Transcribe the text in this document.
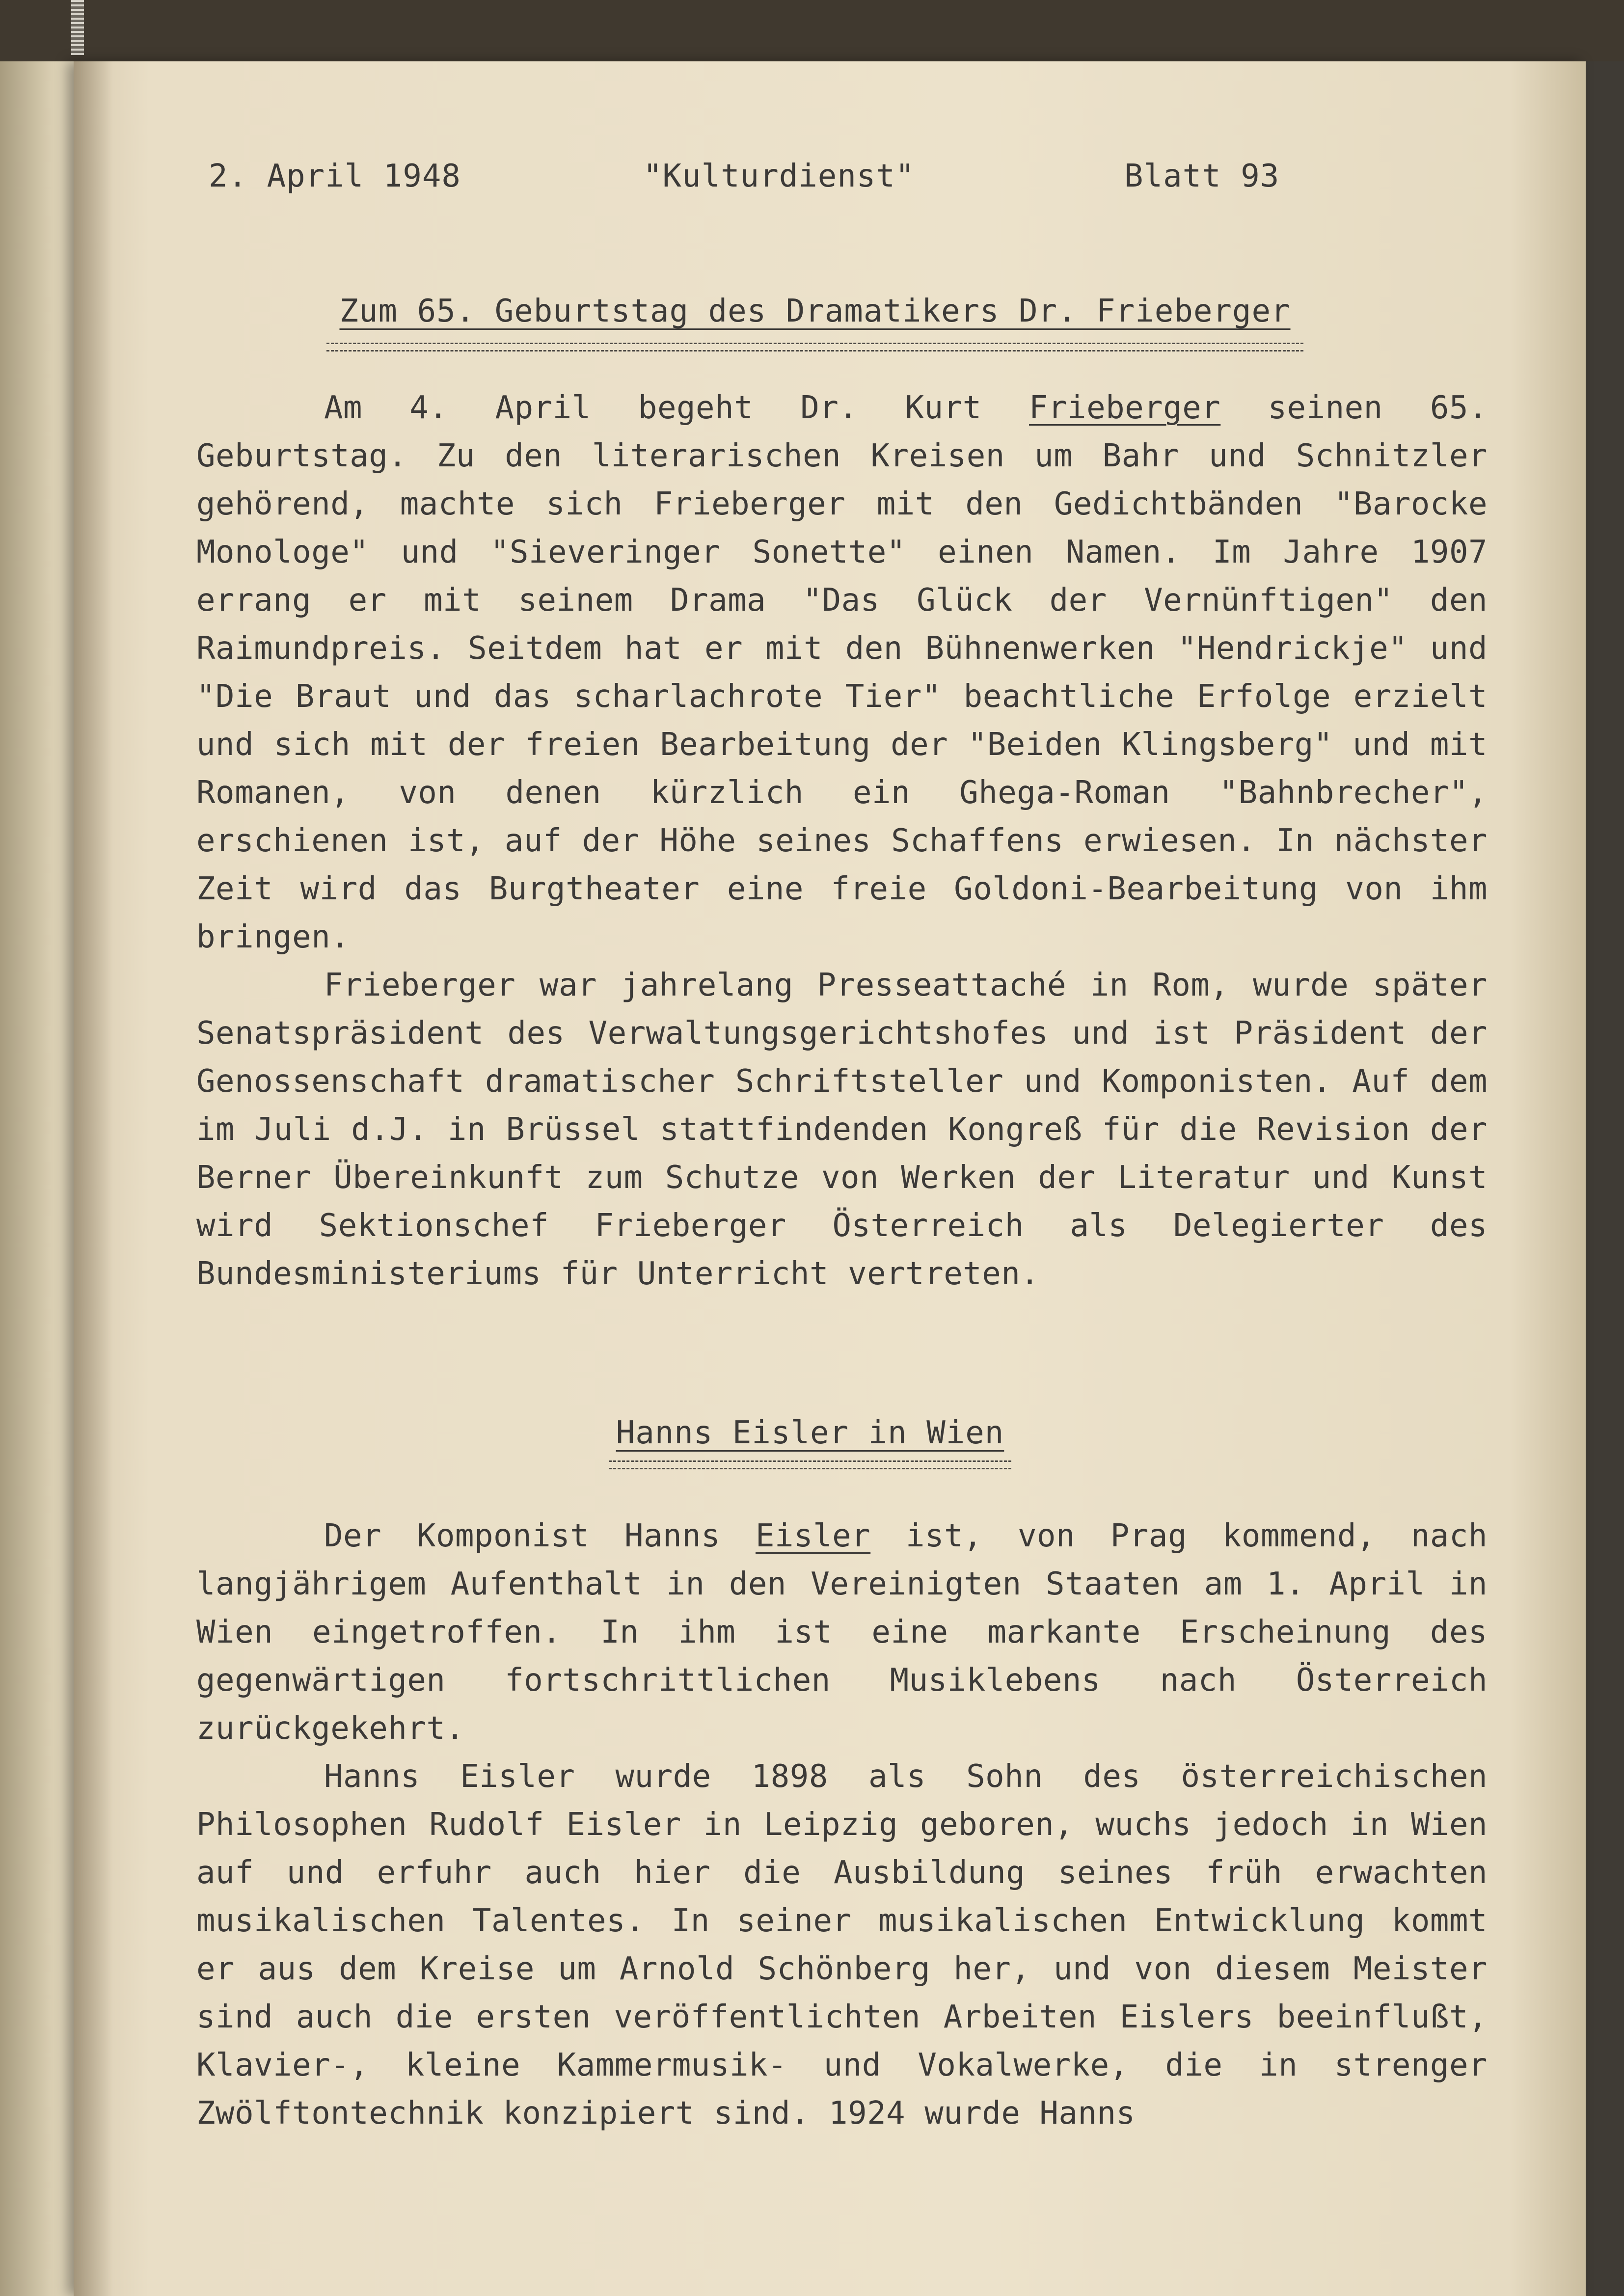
2. April 1948	"Kulturdienst"	Blatt 93
Zum 65. Geburtstag des Dramatikers Dr. Frieberger

Am 4. April begeht Dr. Kurt Frieberger seinen 65. Geburtstag. Zu den literarischen Kreisen um Bahr und Schnitzler gehörend, machte sich Frieberger mit den Gedichtbänden "Barocke Monologe" und "Sieveringer Sonette" einen Namen. Im Jahre 1907 errang er mit seinem Drama "Das Glück der Vernünftigen" den Raimundpreis. Seitdem hat er mit den Bühnenwerken "Hendrickje" und "Die Braut und das scharlachrote Tier" beachtliche Erfolge erzielt und sich mit der freien Bearbeitung der "Beiden Klingsberg" und mit Romanen, von denen kürzlich ein Ghega-Roman "Bahnbrecher", erschienen ist, auf der Höhe seines Schaffens erwiesen. In nächster Zeit wird das Burgtheater eine freie Goldoni-Bearbeitung von ihm bringen.

Frieberger war jahrelang Presseattaché in Rom, wurde später Senatspräsident des Verwaltungsgerichtshofes und ist Präsident der Genossenschaft dramatischer Schriftsteller und Komponisten. Auf dem im Juli d.J. in Brüssel stattfindenden Kongreß für die Revision der Berner Übereinkunft zum Schutze von Werken der Literatur und Kunst wird Sektionschef Frieberger Österreich als Delegierter des Bundesministeriums für Unterricht vertreten.

Hanns Eisler in Wien

Der Komponist Hanns Eisler ist, von Prag kommend, nach langjährigem Aufenthalt in den Vereinigten Staaten am 1. April in Wien eingetroffen. In ihm ist eine markante Erscheinung des gegenwärtigen fortschrittlichen Musiklebens nach Österreich zurückgekehrt.

Hanns Eisler wurde 1898 als Sohn des österreichischen Philosophen Rudolf Eisler in Leipzig geboren, wuchs jedoch in Wien auf und erfuhr auch hier die Ausbildung seines früh erwachten musikalischen Talentes. In seiner musikalischen Entwicklung kommt er aus dem Kreise um Arnold Schönberg her, und von diesem Meister sind auch die ersten veröffentlichten Arbeiten Eislers beeinflußt, Klavier-, kleine Kammermusik- und Vokalwerke, die in strenger Zwölftontechnik konzipiert sind. 1924 wurde Hanns
